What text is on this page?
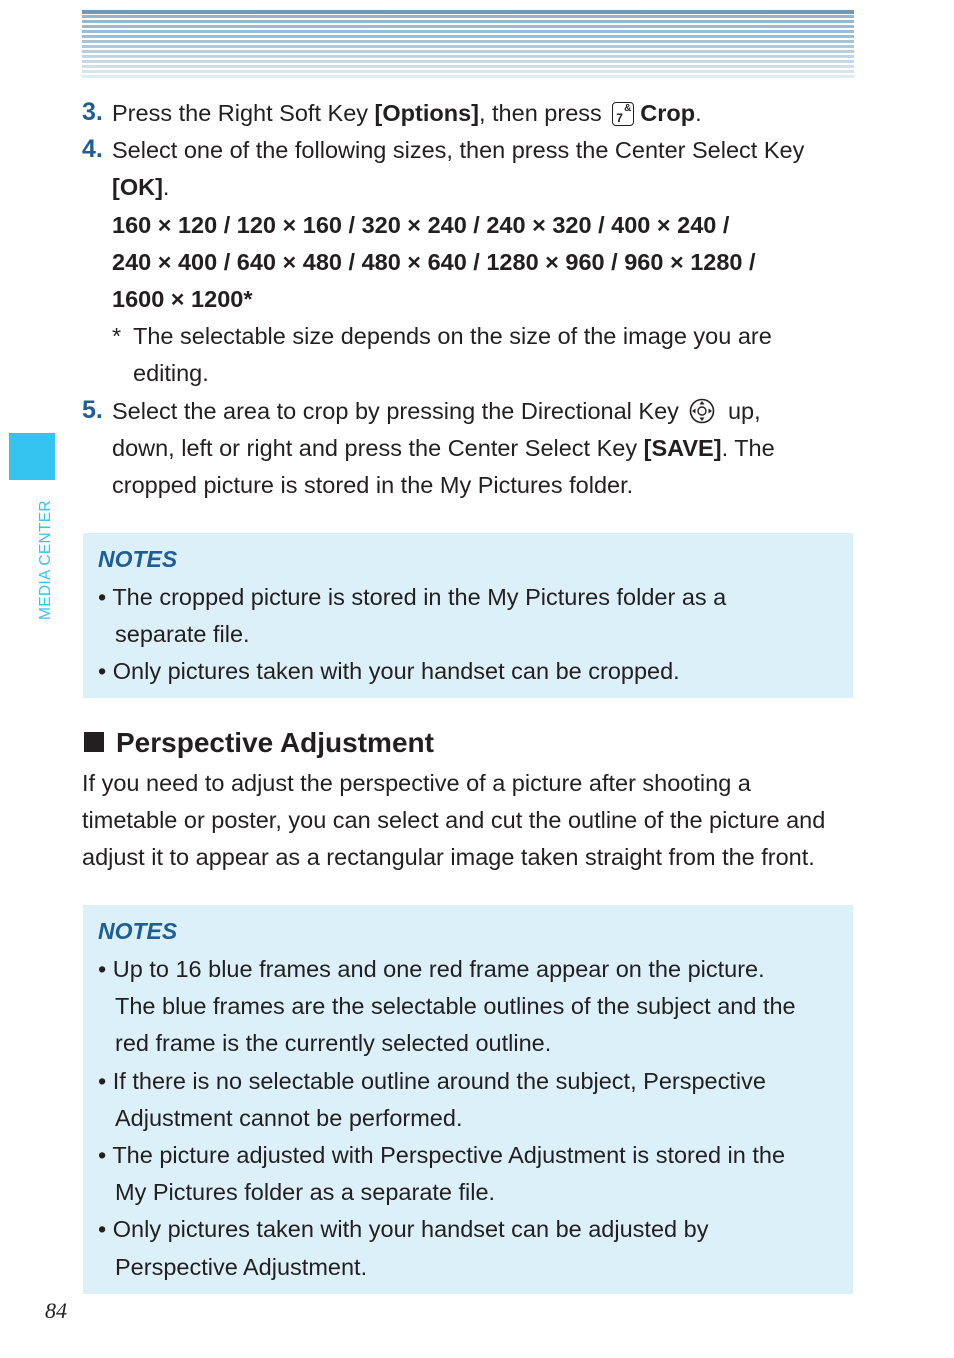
MEDIA CENTER
3. Press the Right Soft Key [Options], then press 7
& Crop.
4. Select one of the following sizes, then press the Center Select Key
[OK].
160 × 120 / 120 × 160 / 320 × 240 / 240 × 320 / 400 × 240 /
240 × 400 / 640 × 480 / 480 × 640 / 1280 × 960 / 960 × 1280 /
1600 × 1200*
* The selectable size depends on the size of the image you are
editing.
5. Select the area to crop by pressing the Directional Key  up,
down, left or right and press the Center Select Key [SAVE]. The
cropped picture is stored in the My Pictures folder.
NOTES
• The cropped picture is stored in the My Pictures folder as a
separate file.
• Only pictures taken with your handset can be cropped.
Perspective Adjustment
If you need to adjust the perspective of a picture after shooting a
timetable or poster, you can select and cut the outline of the picture and
adjust it to appear as a rectangular image taken straight from the front.
NOTES
• Up to 16 blue frames and one red frame appear on the picture.
The blue frames are the selectable outlines of the subject and the
red frame is the currently selected outline.
• If there is no selectable outline around the subject, Perspective
Adjustment cannot be performed.
• The picture adjusted with Perspective Adjustment is stored in the
My Pictures folder as a separate file.
• Only pictures taken with your handset can be adjusted by
Perspective Adjustment.
84
